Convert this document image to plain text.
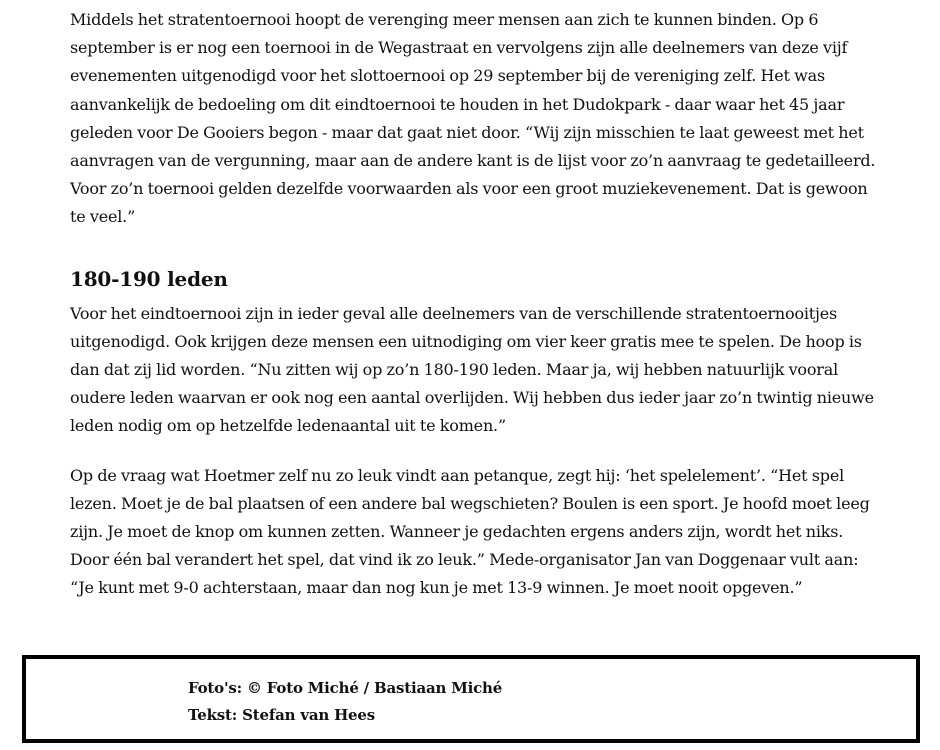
Middels het stratentoernooi hoopt de verenging meer mensen aan zich te kunnen binden. Op 6 september is er nog een toernooi in de Wegastraat en vervolgens zijn alle deelnemers van deze vijf evenementen uitgenodigd voor het slottoernooi op 29 september bij de vereniging zelf. Het was aanvankelijk de bedoeling om dit eindtoernooi te houden in het Dudokpark - daar waar het 45 jaar geleden voor De Gooiers begon - maar dat gaat niet door. “Wij zijn misschien te laat geweest met het aanvragen van de vergunning, maar aan de andere kant is de lijst voor zo’n aanvraag te gedetailleerd. Voor zo’n toernooi gelden dezelfde voorwaarden als voor een groot muziekevenement. Dat is gewoon te veel.”

180-190 leden

Voor het eindtoernooi zijn in ieder geval alle deelnemers van de verschillende stratentoernooitjes uitgenodigd. Ook krijgen deze mensen een uitnodiging om vier keer gratis mee te spelen. De hoop is dan dat zij lid worden. “Nu zitten wij op zo’n 180-190 leden. Maar ja, wij hebben natuurlijk vooral oudere leden waarvan er ook nog een aantal overlijden. Wij hebben dus ieder jaar zo’n twintig nieuwe leden nodig om op hetzelfde ledenaantal uit te komen.”

Op de vraag wat Hoetmer zelf nu zo leuk vindt aan petanque, zegt hij: ‘het spelelement’. “Het spel lezen. Moet je de bal plaatsen of een andere bal wegschieten? Boulen is een sport. Je hoofd moet leeg zijn. Je moet de knop om kunnen zetten. Wanneer je gedachten ergens anders zijn, wordt het niks. Door één bal verandert het spel, dat vind ik zo leuk.” Mede-organisator Jan van Doggenaar vult aan: “Je kunt met 9-0 achterstaan, maar dan nog kun je met 13-9 winnen. Je moet nooit opgeven.”

Foto's: © Foto Miché / Bastiaan Miché
Tekst: Stefan van Hees
